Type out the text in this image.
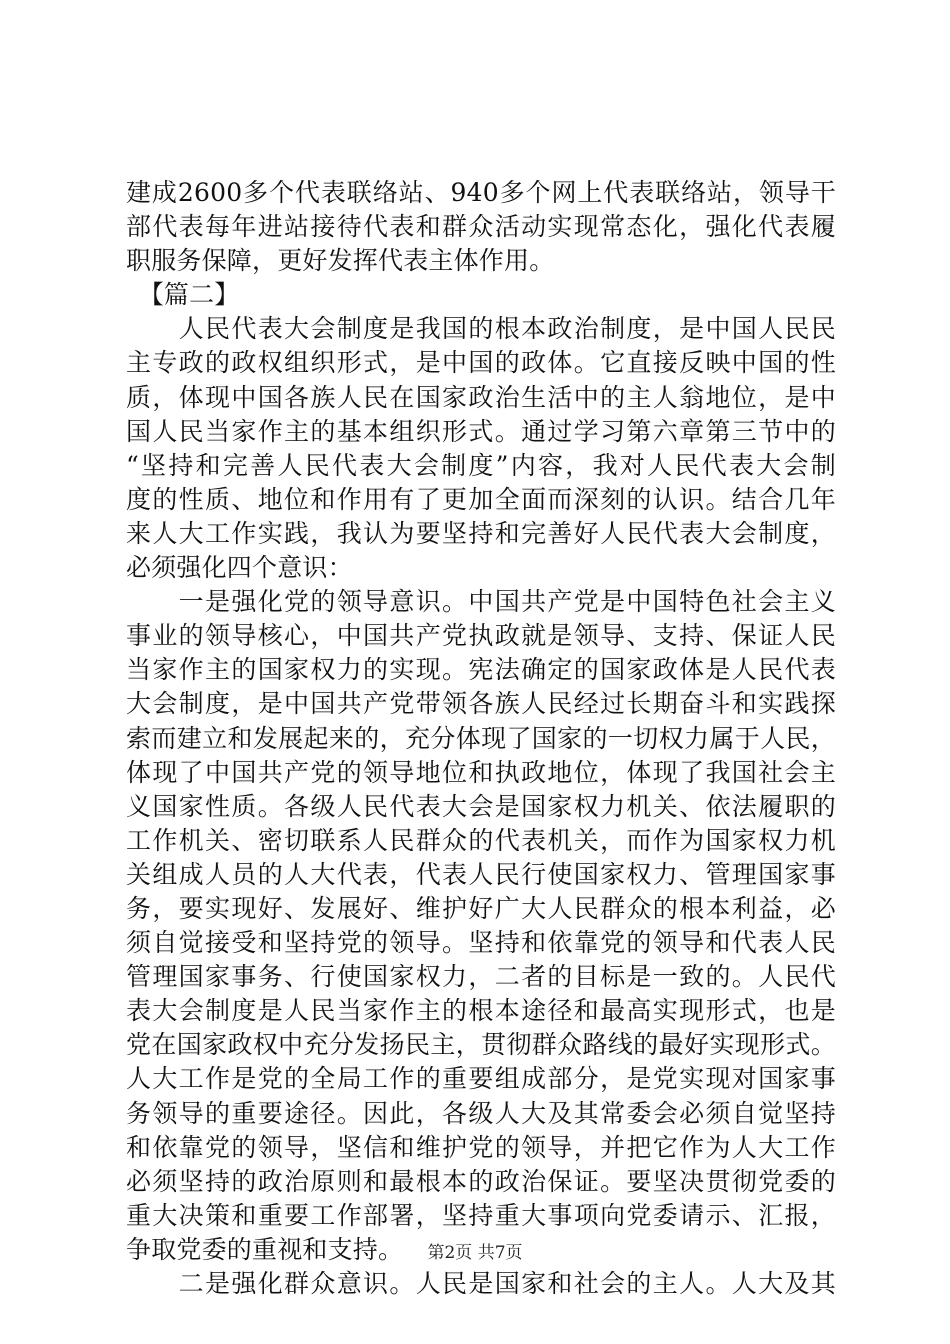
建成2600多个代表联络站、940多个网上代表联络站，领导干
部代表每年进站接待代表和群众活动实现常态化，强化代表履
职服务保障，更好发挥代表主体作用。
　【篇二】
　　人民代表大会制度是我国的根本政治制度，是中国人民民
主专政的政权组织形式，是中国的政体。它直接反映中国的性
质，体现中国各族人民在国家政治生活中的主人翁地位，是中
国人民当家作主的基本组织形式。通过学习第六章第三节中的
“坚持和完善人民代表大会制度”内容，我对人民代表大会制
度的性质、地位和作用有了更加全面而深刻的认识。结合几年
来人大工作实践，我认为要坚持和完善好人民代表大会制度，
必须强化四个意识：
　　一是强化党的领导意识。中国共产党是中国特色社会主义
事业的领导核心，中国共产党执政就是领导、支持、保证人民
当家作主的国家权力的实现。宪法确定的国家政体是人民代表
大会制度，是中国共产党带领各族人民经过长期奋斗和实践探
索而建立和发展起来的，充分体现了国家的一切权力属于人民，
体现了中国共产党的领导地位和执政地位，体现了我国社会主
义国家性质。各级人民代表大会是国家权力机关、依法履职的
工作机关、密切联系人民群众的代表机关，而作为国家权力机
关组成人员的人大代表，代表人民行使国家权力、管理国家事
务，要实现好、发展好、维护好广大人民群众的根本利益，必
须自觉接受和坚持党的领导。坚持和依靠党的领导和代表人民
管理国家事务、行使国家权力，二者的目标是一致的。人民代
表大会制度是人民当家作主的根本途径和最高实现形式，也是
党在国家政权中充分发扬民主，贯彻群众路线的最好实现形式。
人大工作是党的全局工作的重要组成部分，是党实现对国家事
务领导的重要途径。因此，各级人大及其常委会必须自觉坚持
和依靠党的领导，坚信和维护党的领导，并把它作为人大工作
必须坚持的政治原则和最根本的政治保证。要坚决贯彻党委的
重大决策和重要工作部署，坚持重大事项向党委请示、汇报，
争取党委的重视和支持。
　　二是强化群众意识。人民是国家和社会的主人。人大及其
第2页 共7页
